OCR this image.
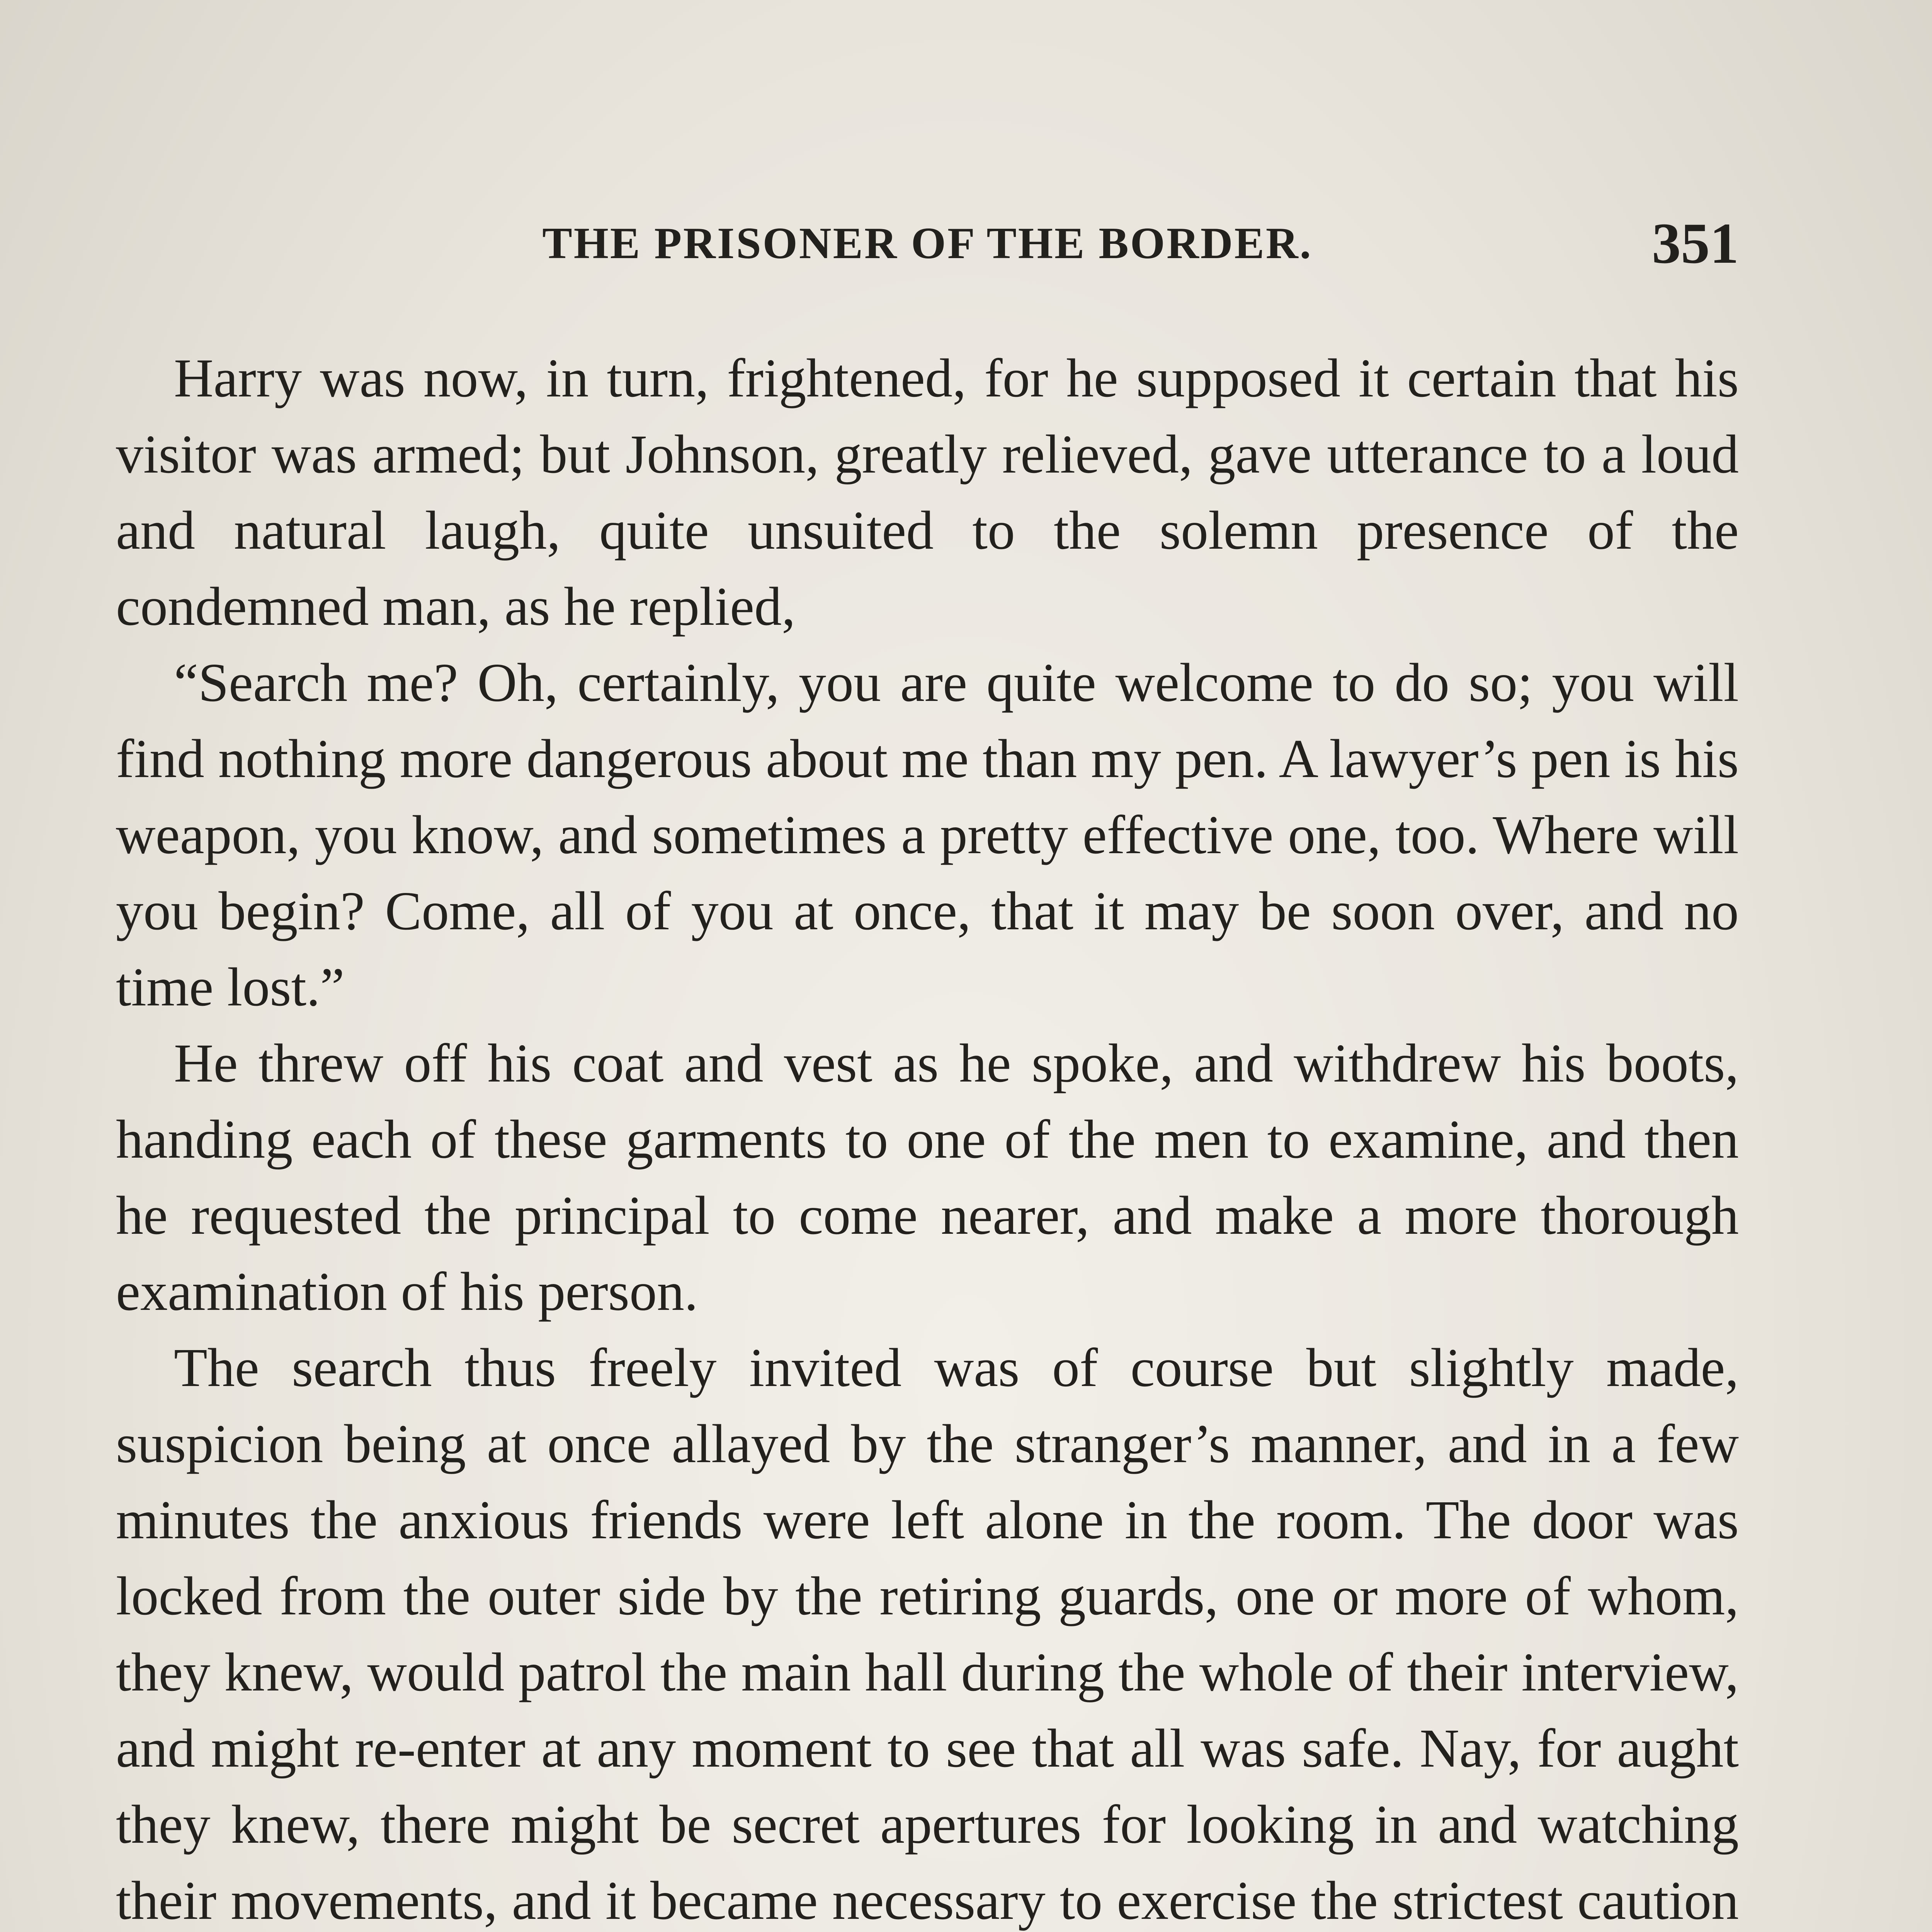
THE PRISONER OF THE BORDER.	351

Harry was now, in turn, frightened, for he supposed it certain that his visitor was armed; but Johnson, greatly relieved, gave utterance to a loud and natural laugh, quite unsuited to the solemn presence of the condemned man, as he replied,

“Search me? Oh, certainly, you are quite welcome to do so; you will find nothing more dangerous about me than my pen. A lawyer’s pen is his weapon, you know, and sometimes a pretty effective one, too. Where will you begin? Come, all of you at once, that it may be soon over, and no time lost.”

He threw off his coat and vest as he spoke, and withdrew his boots, handing each of these garments to one of the men to examine, and then he requested the principal to come nearer, and make a more thorough examination of his person.

The search thus freely invited was of course but slightly made, suspicion being at once allayed by the stranger’s manner, and in a few minutes the anxious friends were left alone in the room. The door was locked from the outer side by the retiring guards, one or more of whom, they knew, would patrol the main hall during the whole of their interview, and might re-enter at any moment to see that all was safe. Nay, for aught they knew, there might be secret apertures for looking in and watching their movements, and it became necessary to exercise the strictest caution
